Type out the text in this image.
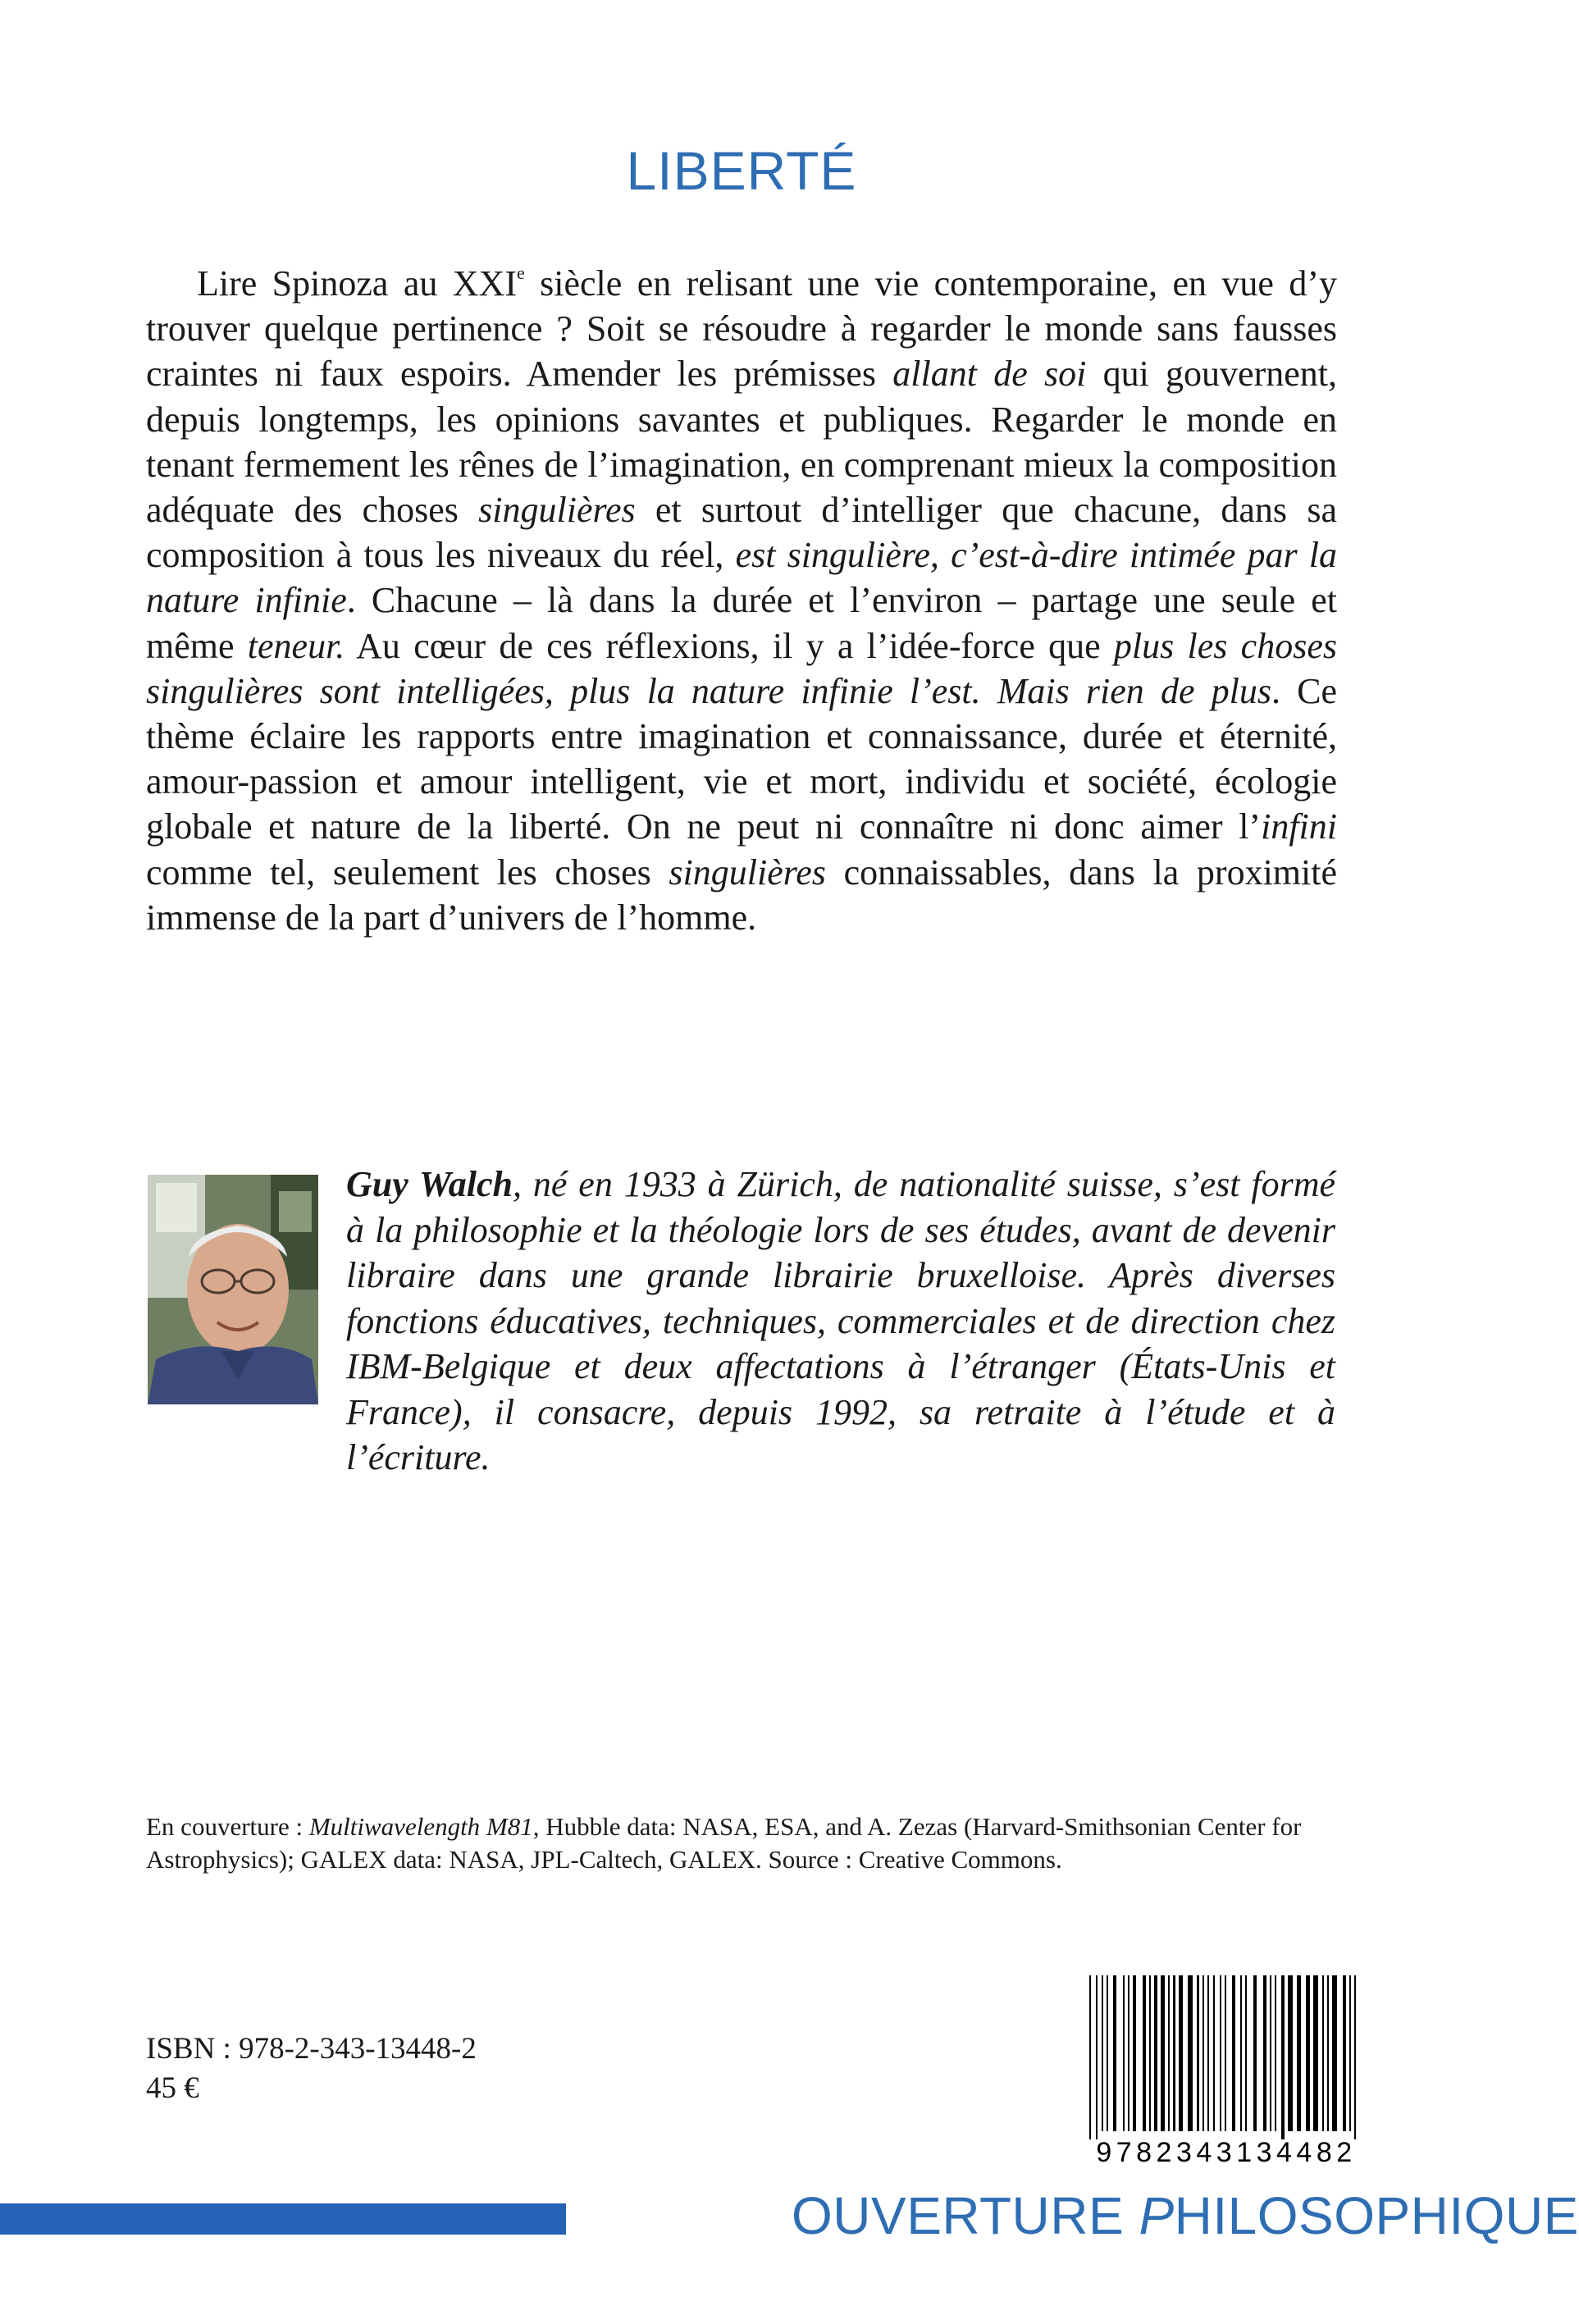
LIBERTÉ

Lire Spinoza au XXIe siècle en relisant une vie contemporaine, en vue d’y trouver quelque pertinence ? Soit se résoudre à regarder le monde sans fausses craintes ni faux espoirs. Amender les prémisses allant de soi qui gouvernent, depuis longtemps, les opinions savantes et publiques. Regarder le monde en tenant fermement les rênes de l’imagination, en comprenant mieux la composition adéquate des choses singulières et surtout d’intelliger que chacune, dans sa composition à tous les niveaux du réel, est singulière, c’est-à-dire intimée par la nature infinie. Chacune – là dans la durée et l’environ – partage une seule et même teneur. Au cœur de ces réflexions, il y a l’idée-force que plus les choses singulières sont intelligées, plus la nature infinie l’est. Mais rien de plus. Ce thème éclaire les rapports entre imagination et connaissance, durée et éternité, amour-passion et amour intelligent, vie et mort, individu et société, écologie globale et nature de la liberté. On ne peut ni connaître ni donc aimer l’infini comme tel, seulement les choses singulières connaissables, dans la proximité immense de la part d’univers de l’homme.

Guy Walch, né en 1933 à Zürich, de nationalité suisse, s’est formé à la philosophie et la théologie lors de ses études, avant de devenir libraire dans une grande librairie bruxelloise. Après diverses fonctions éducatives, techniques, commerciales et de direction chez IBM-Belgique et deux affectations à l’étranger (États-Unis et France), il consacre, depuis 1992, sa retraite à l’étude et à l’écriture.

En couverture : Multiwavelength M81, Hubble data: NASA, ESA, and A. Zezas (Harvard-Smithsonian Center for Astrophysics); GALEX data: NASA, JPL-Caltech, GALEX. Source : Creative Commons.

ISBN : 978-2-343-13448-2
45 €
9782343134482
OUVERTURE PHILOSOPHIQUE
